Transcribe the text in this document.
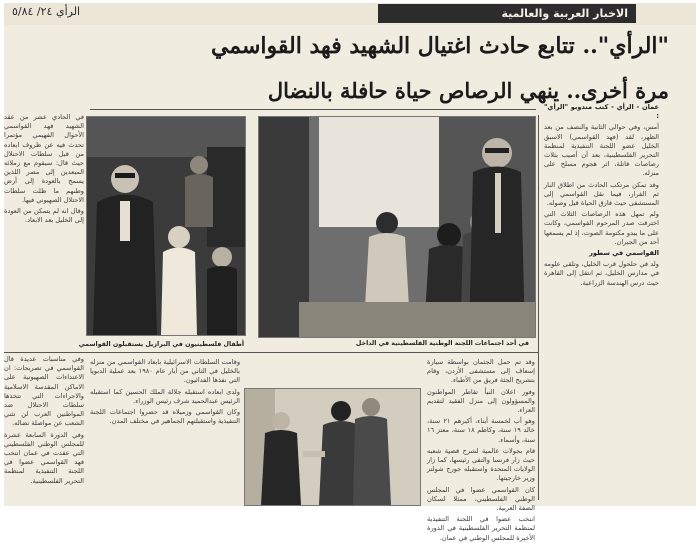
الرأي ٢٤/ ٥/٨٤	الاخبار العربية والعالمية
"الرأي".. تتابع حادث اغتيال الشهيد فهد القواسمي
مرة أخرى.. ينهي الرصاص حياة حافلة بالنضال

عمان - الرأي - كتب مندوبو "الرأي" :

أمس، وفي حوالي الثانية والنصف من بعد الظهر، لقد (فهد القواسمي) الاسبق الخليل عضو اللجنة التنفيذية لمنظمة التحرير الفلسطينية، بعد أن أصيب بثلاث رصاصات قاتلة، اثر هجوم مسلح على منزله.

وقد تمكن مرتكب الحادث من اطلاق النار ثم الفرار، فيما نقل القواسمي إلى المستشفى حيث فارق الحياة قبل وصوله.

ولم تمهل هذه الرصاصات الثلاث التي اخترقت صدر المرحوم القواسمي، وكانت على ما يبدو مكتومة الصوت، إذ لم يسمعها أحد من الجيران.

القواسمي في سطور

ولد في حلحول قرب الخليل، وتلقى علومه في مدارس الخليل، ثم انتقل إلى القاهرة حيث درس الهندسة الزراعية.

وقد تم حمل الجثمان بواسطة سيارة إسعاف إلى مستشفى الأردن، وقام بتشريح الجثة فريق من الأطباء.

وفور اعلان النبأ تقاطر المواطنون والمسؤولون إلى منزل الفقيد لتقديم العزاء.

وهو أب لخمسة أبناء، أكبرهم ٢١ سنة، خالد ١٩ سنة، وكاظم ١٨ سنة، معتز ١٦ سنة، وأسماء.

قام بجولات عالمية لشرح قضية شعبه حيث زار فرنسا والتقى رئيسها، كما زار الولايات المتحدة واستقبله جورج شولتز وزير خارجيتها.

كان القواسمي عضوا في المجلس الوطني الفلسطيني، ممثلا لسكان الضفة الغربية.

انتخب عضوا في اللجنة التنفيذية لمنظمة التحرير الفلسطينية في الدورة الأخيرة للمجلس الوطني في عمان.

في الحادي عشر من عقد الشهيد فهد القواسمي الأحوال الفهيمي مؤتمرا تحدث فيه عن ظروف ابعاده من قبل سلطات الاحتلال حيث قال: سيقوم مع زملائه المبعدين إلى مصر اللذين يسمح بالعودة إلى أرض وطنهم ما ظلت سلطات الاحتلال الصهيوني فيها.

وقال انه لم يتمكن من العودة إلى الخليل بعد الابعاد.

وفي مناسبات عديدة قال القواسمي في تصريحات: ان الاعتداءات الصهيونية على الاماكن المقدسة الاسلامية والاجراءات التي تتخذها سلطات الاحتلال ضد المواطنين العرب لن تثني الشعب عن مواصلة نضاله.

وفي الدورة السابعة عشرة للمجلس الوطني الفلسطيني التي عقدت في عمان انتخب فهد القواسمي عضوا في اللجنة التنفيذية لمنظمة التحرير الفلسطينية.

وقامت السلطات الاسرائيلية بابعاد القواسمي من منزله بالخليل في الثاني من أيار عام ١٩٨٠ بعد عملية الدبويا التي نفذها الفدائيون.

ولدى ابعاده استقبله جلالة الملك الحسين كما استقبله الرئيس عبدالحميد شرف رئيس الوزراء.

وكان القواسمي وزميلاه قد حضروا اجتماعات اللجنة التنفيذية واستقبلتهم الجماهير في مختلف المدن.

أطفال فلسطينيون في البرازيل يستقبلون القواسمي	في أحد اجتماعات اللجنة الوطنية الفلسطينية في الداخل
